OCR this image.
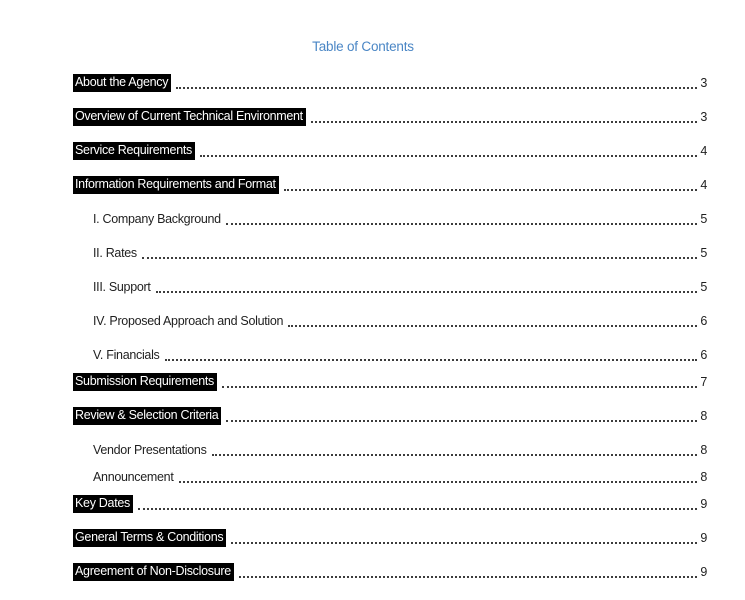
Table of Contents
About the Agency	3
Overview of Current Technical Environment	3
Service Requirements	4
Information Requirements and Format	4
I. Company Background	5
II. Rates	5
III. Support	5
IV. Proposed Approach and Solution	6
V. Financials	6
Submission Requirements	7
Review & Selection Criteria	8
Vendor Presentations	8
Announcement	8
Key Dates	9
General Terms & Conditions	9
Agreement of Non-Disclosure	9
